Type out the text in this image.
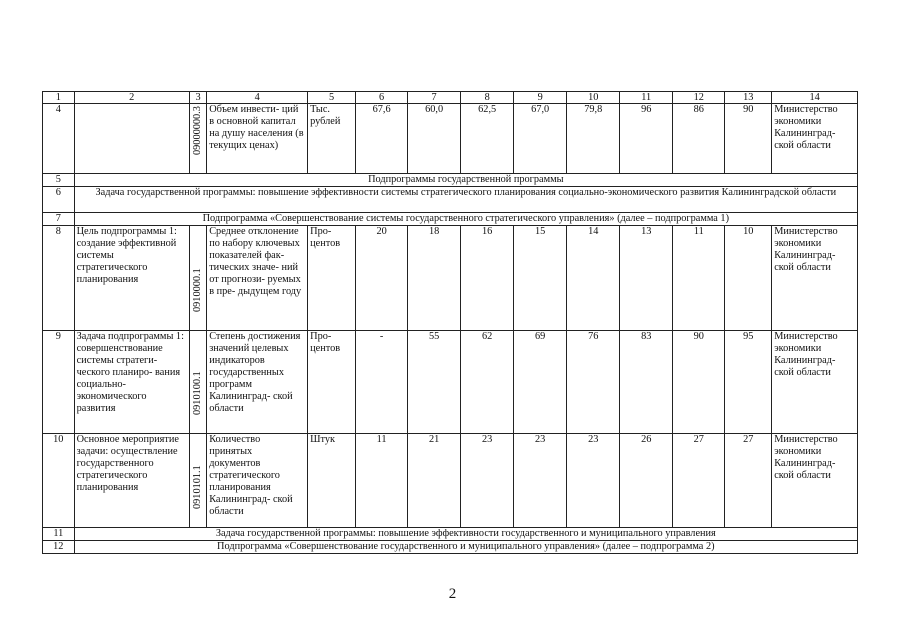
1	2	3	4	5	6	7	8	9	10	11	12	13	14
4		09000000.3	Объем инвести- ций в основной капитал на душу населения (в текущих ценах)	Тыс. рублей	67,6	60,0	62,5	67,0	79,8	96	86	90	Министерство экономики Калининград- ской области
5	Подпрограммы государственной программы												
6	Задача государственной программы: повышение эффективности системы стратегического планирования социально-экономического развития Калининградской области												
7	Подпрограмма «Совершенствование системы государственного стратегического управления» (далее – подпрограмма 1)												
8	Цель подпрограммы 1: создание эффективной системы стратегического планирования	0910000.1	Среднее отклонение по набору ключевых показателей фак- тических значе- ний от прогнози- руемых в пре- дыдущем году	Про- центов	20	18	16	15	14	13	11	10	Министерство экономики Калининград- ской области
9	Задача подпрограммы 1: совершенствование системы стратеги- ческого планиро- вания социально- экономического развития	0910100.1	Степень достижения значений целевых индикаторов государственных программ Калининград- ской области	Про- центов	-	55	62	69	76	83	90	95	Министерство экономики Калининград- ской области
10	Основное мероприятие задачи: осуществление государственного стратегического планирования	0910101.1	Количество принятых документов стратегического планирования Калининград- ской области	Штук	11	21	23	23	23	26	27	27	Министерство экономики Калининград- ской области
11	Задача государственной программы: повышение эффективности государственного и муниципального управления												
12	Подпрограмма «Совершенствование государственного и муниципального управления» (далее – подпрограмма 2)												
2
